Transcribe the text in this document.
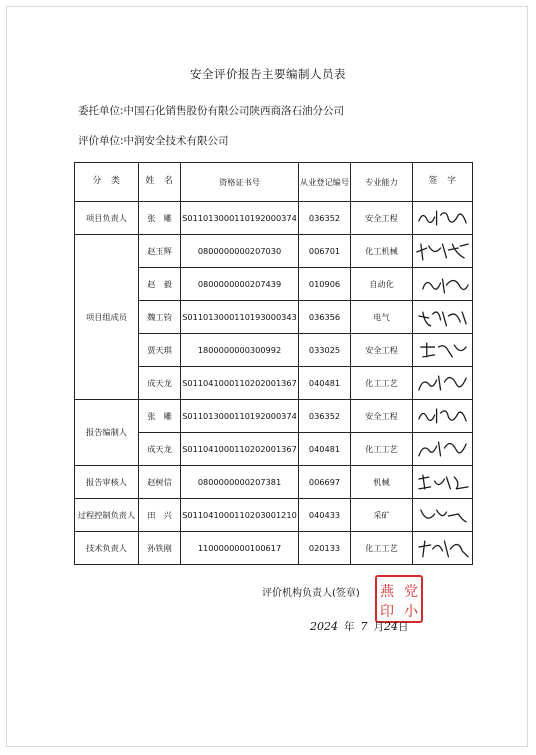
安全评价报告主要编制人员表
委托单位:中国石化销售股份有限公司陕西商洛石油分公司
评价单位:中润安全技术有限公司
分　类	姓　名	资格证书号	从业登记编号	专业能力	签　字
项目负责人	张　雕	S011013000110192000374	036352	安全工程	

项目组成员	赵玉辉	0800000000207030	006701	化工机械	

	赵　毅	0800000000207439	010906	自动化	

	魏工钧	S011013000110193000343	036356	电气	

	贾天琪	1800000000300992	033025	安全工程	

	成天龙	S011041000110202001367	040481	化工工艺	

报告编制人	张　雕	S011013000110192000374	036352	安全工程	

	成天龙	S011041000110202001367	040481	化工工艺	

报告审核人	赵树信	0800000000207381	006697	机械	

过程控制负责人	田　兴	S011041000110203001210	040433	采矿	

技术负责人	孙铁刚	1100000000100617	020133	化工工艺	
评价机构负责人(签章) 燕 党
印 小
2024 年 7 月24日
